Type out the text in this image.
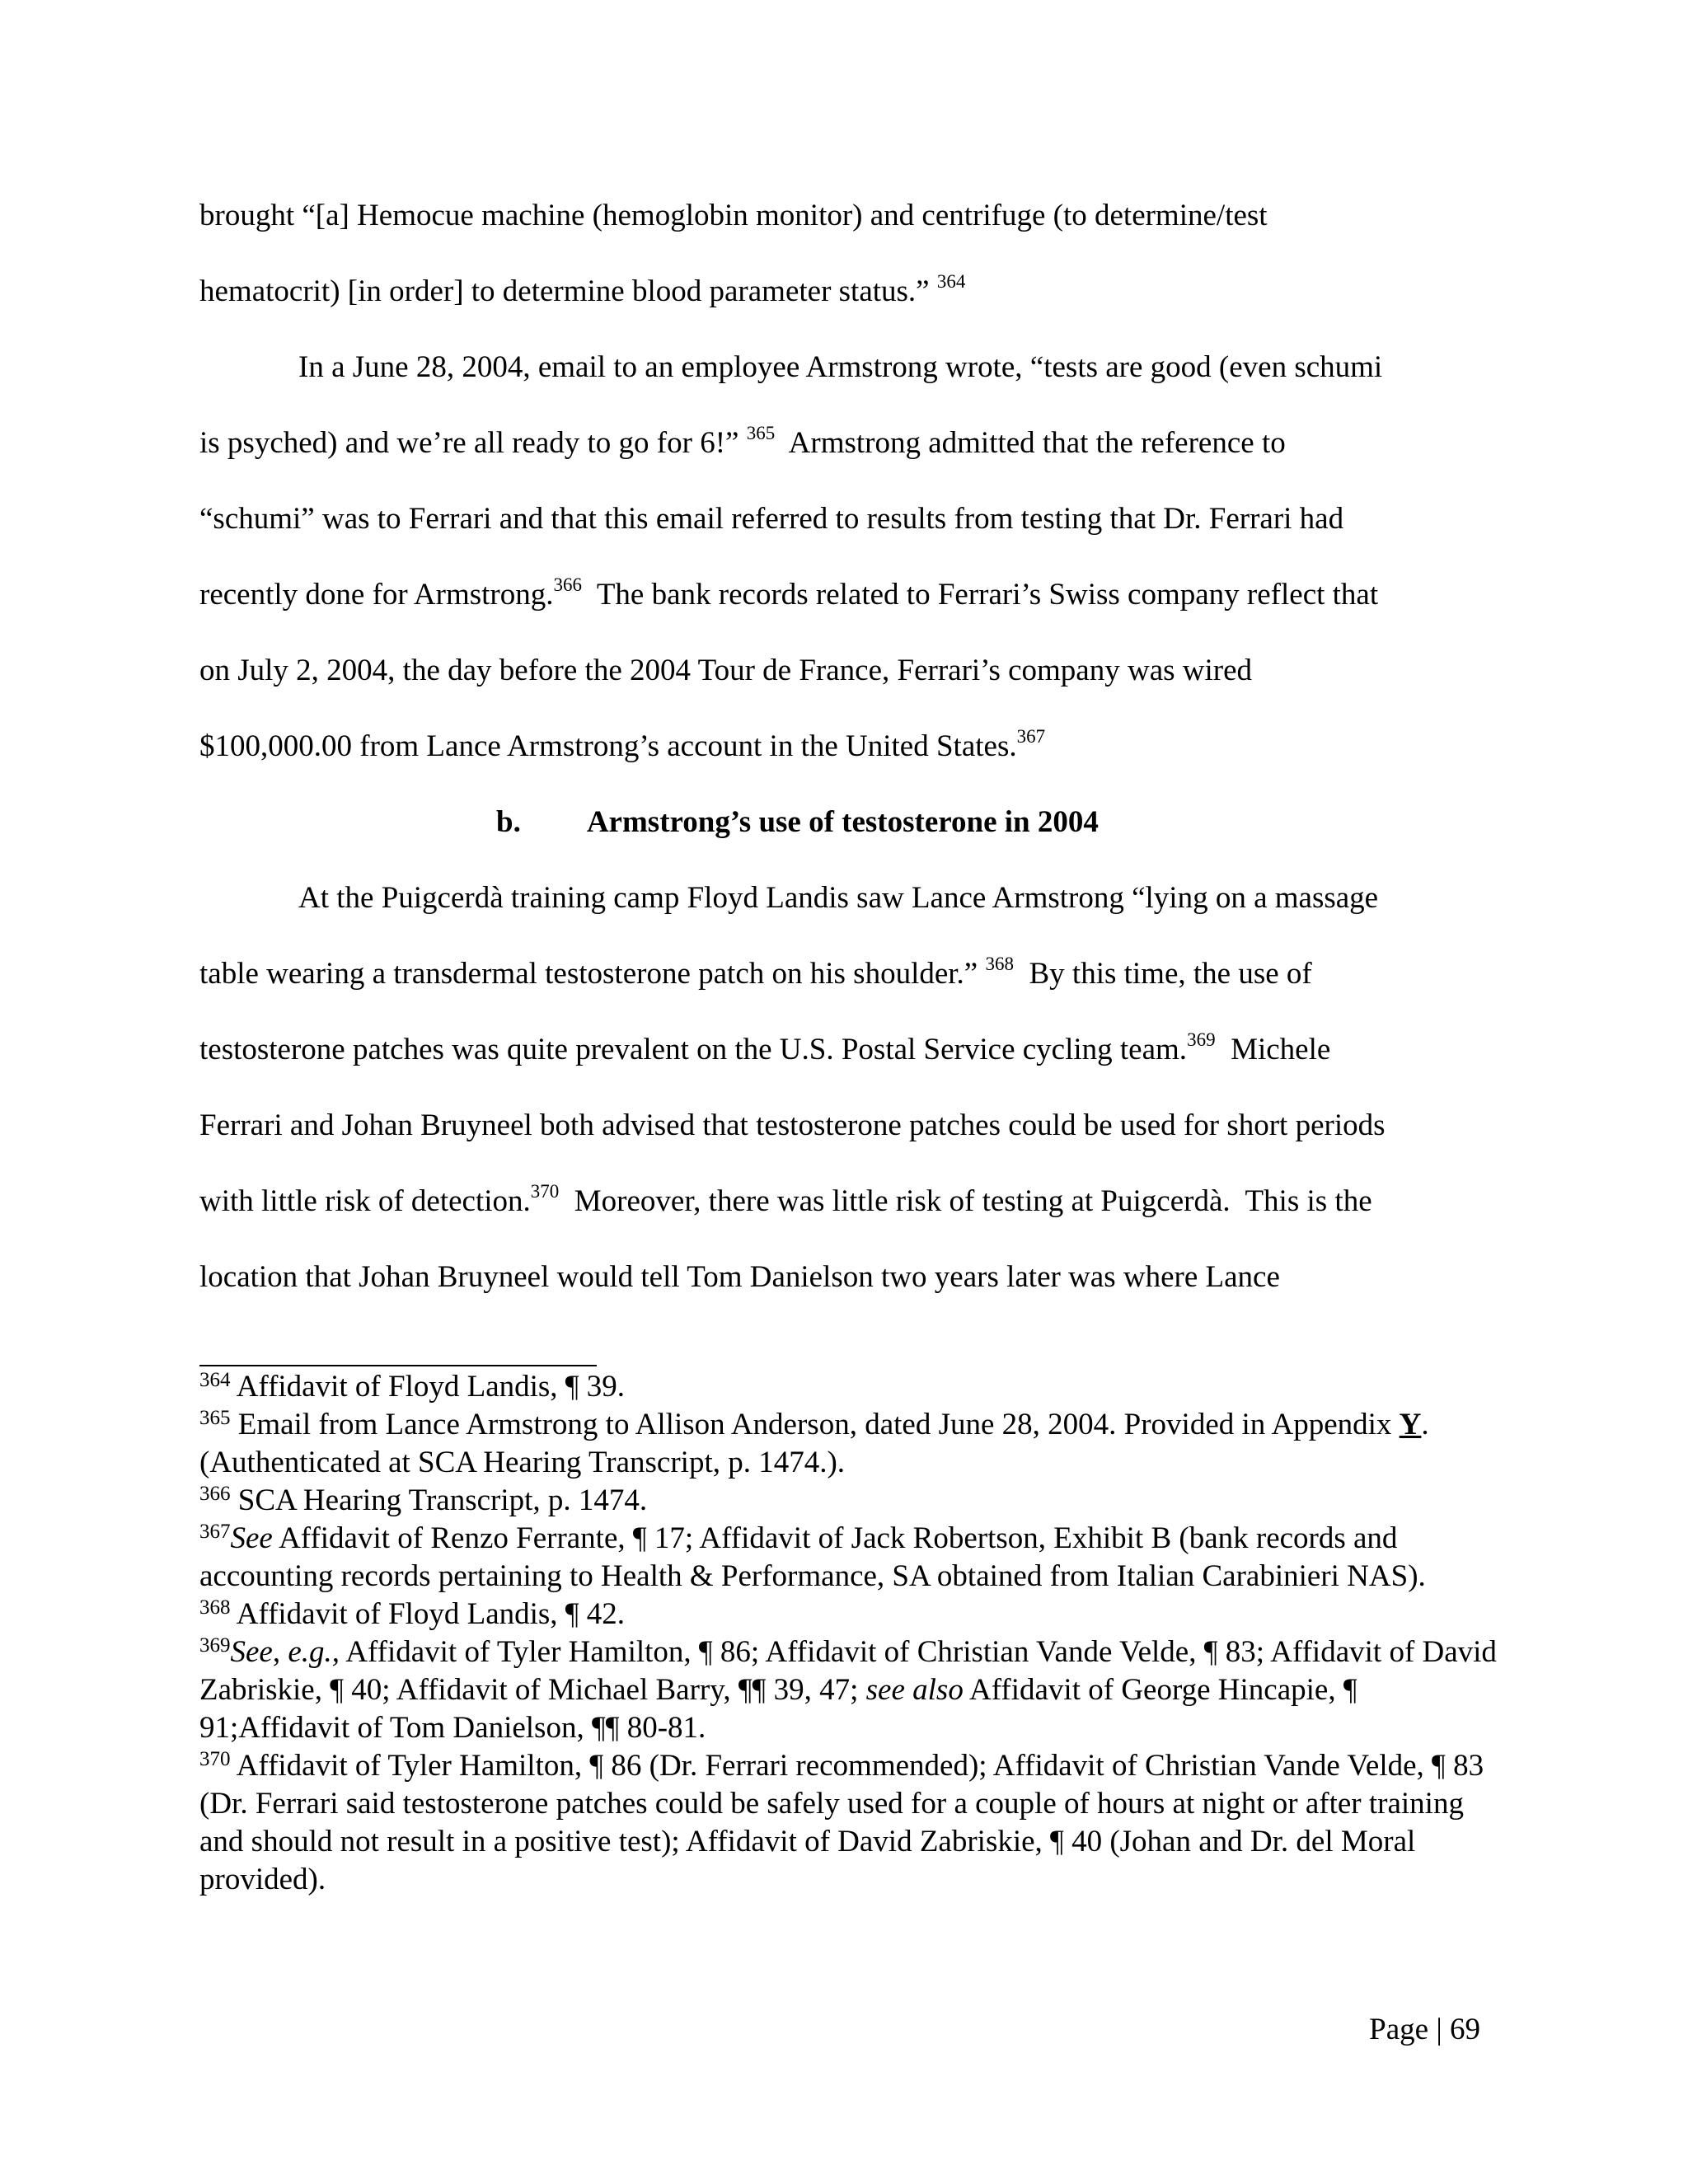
brought “[a] Hemocue machine (hemoglobin monitor) and centrifuge (to determine/test
hematocrit) [in order] to determine blood parameter status.” $^{364}$
In a June 28, 2004, email to an employee Armstrong wrote, “tests are good (even schumi
is psyched) and we’re all ready to go for 6!” $^{365}$  Armstrong admitted that the reference to
“schumi” was to Ferrari and that this email referred to results from testing that Dr. Ferrari had
recently done for Armstrong.$^{366}$  The bank records related to Ferrari’s Swiss company reflect that
on July 2, 2004, the day before the 2004 Tour de France, Ferrari’s company was wired
$100,000.00 from Lance Armstrong’s account in the United States.$^{367}$
b. Armstrong’s use of testosterone in 2004
At the Puigcerdà training camp Floyd Landis saw Lance Armstrong “lying on a massage
table wearing a transdermal testosterone patch on his shoulder.” $^{368}$  By this time, the use of
testosterone patches was quite prevalent on the U.S. Postal Service cycling team.$^{369}$  Michele
Ferrari and Johan Bruyneel both advised that testosterone patches could be used for short periods
with little risk of detection.$^{370}$  Moreover, there was little risk of testing at Puigcerdà.  This is the
location that Johan Bruyneel would tell Tom Danielson two years later was where Lance
$^{364}$ Affidavit of Floyd Landis, ¶ 39.
$^{365}$ Email from Lance Armstrong to Allison Anderson, dated June 28, 2004. Provided in Appendix Y. (Authenticated at SCA Hearing Transcript, p. 1474.).
$^{366}$ SCA Hearing Transcript, p. 1474.
$^{367}$See Affidavit of Renzo Ferrante, ¶ 17; Affidavit of Jack Robertson, Exhibit B (bank records and accounting records pertaining to Health & Performance, SA obtained from Italian Carabinieri NAS).
$^{368}$ Affidavit of Floyd Landis, ¶ 42.
$^{369}$See, e.g., Affidavit of Tyler Hamilton, ¶ 86; Affidavit of Christian Vande Velde, ¶ 83; Affidavit of David Zabriskie, ¶ 40; Affidavit of Michael Barry, ¶¶ 39, 47; see also Affidavit of George Hincapie, ¶ 91;Affidavit of Tom Danielson, ¶¶ 80-81.
$^{370}$ Affidavit of Tyler Hamilton, ¶ 86 (Dr. Ferrari recommended); Affidavit of Christian Vande Velde, ¶ 83 (Dr. Ferrari said testosterone patches could be safely used for a couple of hours at night or after training and should not result in a positive test); Affidavit of David Zabriskie, ¶ 40 (Johan and Dr. del Moral provided).
Page | 69
